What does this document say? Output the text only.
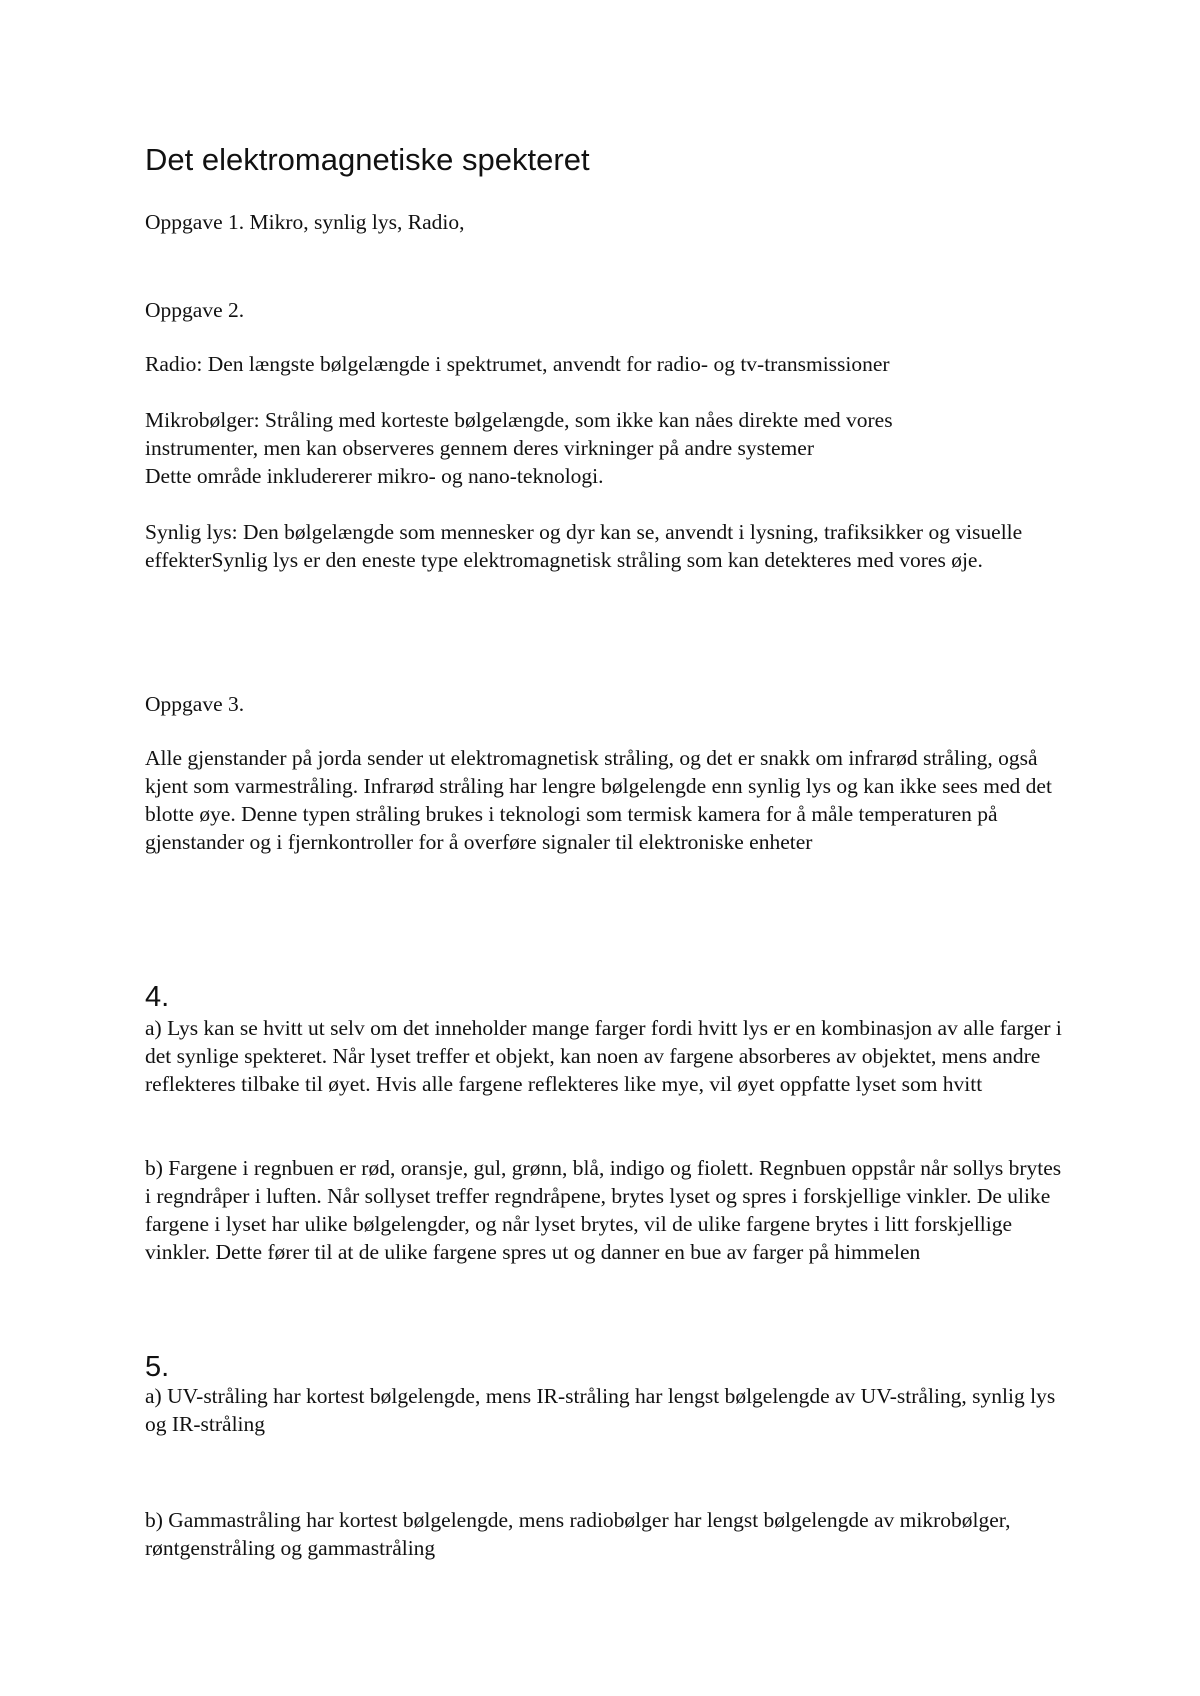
Det elektromagnetiske spekteret

Oppgave 1. Mikro, synlig lys, Radio,

Oppgave 2.

Radio: Den længste bølgelængde i spektrumet, anvendt for radio- og tv-transmissioner

Mikrobølger: Stråling med korteste bølgelængde, som ikke kan nåes direkte med vores

instrumenter, men kan observeres gennem deres virkninger på andre systemer

Dette område inkludererer mikro- og nano-teknologi.

Synlig lys: Den bølgelængde som mennesker og dyr kan se, anvendt i lysning, trafiksikker og visuelle effekterSynlig lys er den eneste type elektromagnetisk stråling som kan detekteres med vores øje.

Oppgave 3.

Alle gjenstander på jorda sender ut elektromagnetisk stråling, og det er snakk om infrarød stråling, også kjent som varmestråling. Infrarød stråling har lengre bølgelengde enn synlig lys og kan ikke sees med det blotte øye. Denne typen stråling brukes i teknologi som termisk kamera for å måle temperaturen på gjenstander og i fjernkontroller for å overføre signaler til elektroniske enheter

4.

a) Lys kan se hvitt ut selv om det inneholder mange farger fordi hvitt lys er en kombinasjon av alle farger i det synlige spekteret. Når lyset treffer et objekt, kan noen av fargene absorberes av objektet, mens andre reflekteres tilbake til øyet. Hvis alle fargene reflekteres like mye, vil øyet oppfatte lyset som hvitt

b) Fargene i regnbuen er rød, oransje, gul, grønn, blå, indigo og fiolett. Regnbuen oppstår når sollys brytes i regndråper i luften. Når sollyset treffer regndråpene, brytes lyset og spres i forskjellige vinkler. De ulike fargene i lyset har ulike bølgelengder, og når lyset brytes, vil de ulike fargene brytes i litt forskjellige vinkler. Dette fører til at de ulike fargene spres ut og danner en bue av farger på himmelen

5.

a) UV-stråling har kortest bølgelengde, mens IR-stråling har lengst bølgelengde av UV-stråling, synlig lys og IR-stråling

b) Gammastråling har kortest bølgelengde, mens radiobølger har lengst bølgelengde av mikrobølger, røntgenstråling og gammastråling
